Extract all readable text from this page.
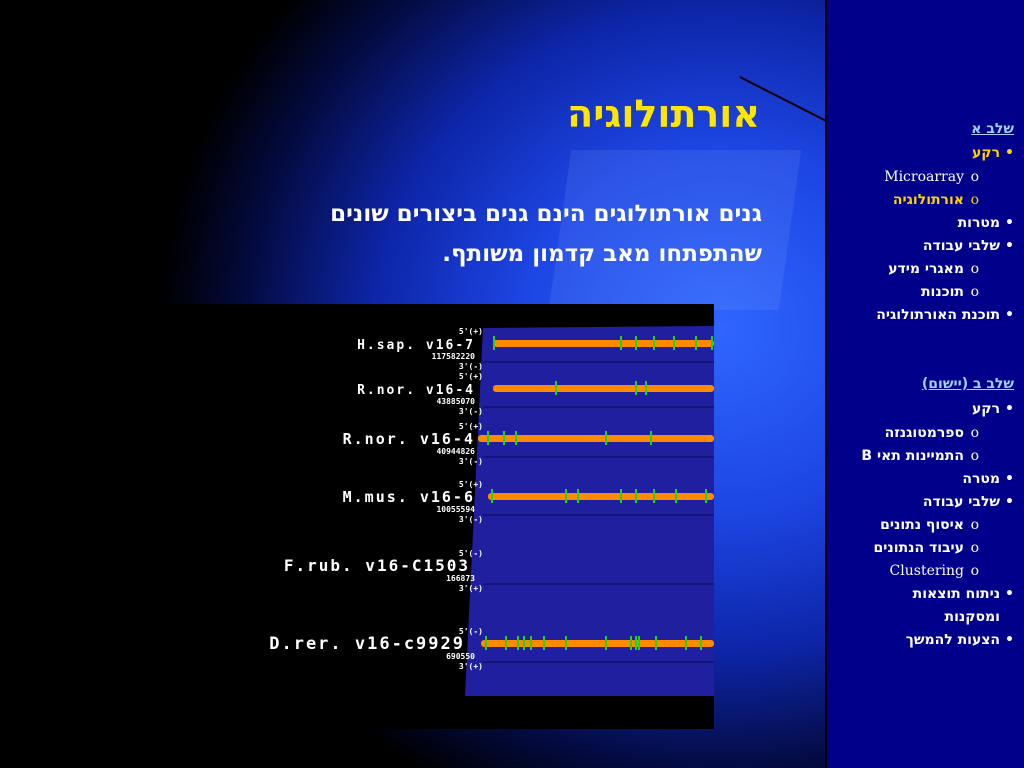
אורתולוגיה
גנים אורתולוגים הינם גנים ביצורים שונים
שהתפתחו מאב קדמון משותף.
5'(+)
H.sap. v16-7
117582220
3'(-)
5'(+)
R.nor. v16-4
43885070
3'(-)
5'(+)
R.nor. v16-4
40944826
3'(-)
5'(+)
M.mus. v16-6
10055594
3'(-)
5'(-)
F.rub. v16-C1503
166873
3'(+)
5'(-)
D.rer. v16-c9929
690550
3'(+)
שלב א
•רקע
o
Microarray
o
אורתולוגיה
•מטרות
•שלבי עבודה
o
מאגרי מידע
o
תוכנות
•תוכנת האורתולוגיה
שלב ב (יישום)
•רקע
o
ספרמטוגנזה
o
התמיינות תאי B
•מטרה
•שלבי עבודה
o
איסוף נתונים
o
עיבוד הנתונים
o
Clustering
•ניתוח תוצאות
ומסקנות
•הצעות להמשך
